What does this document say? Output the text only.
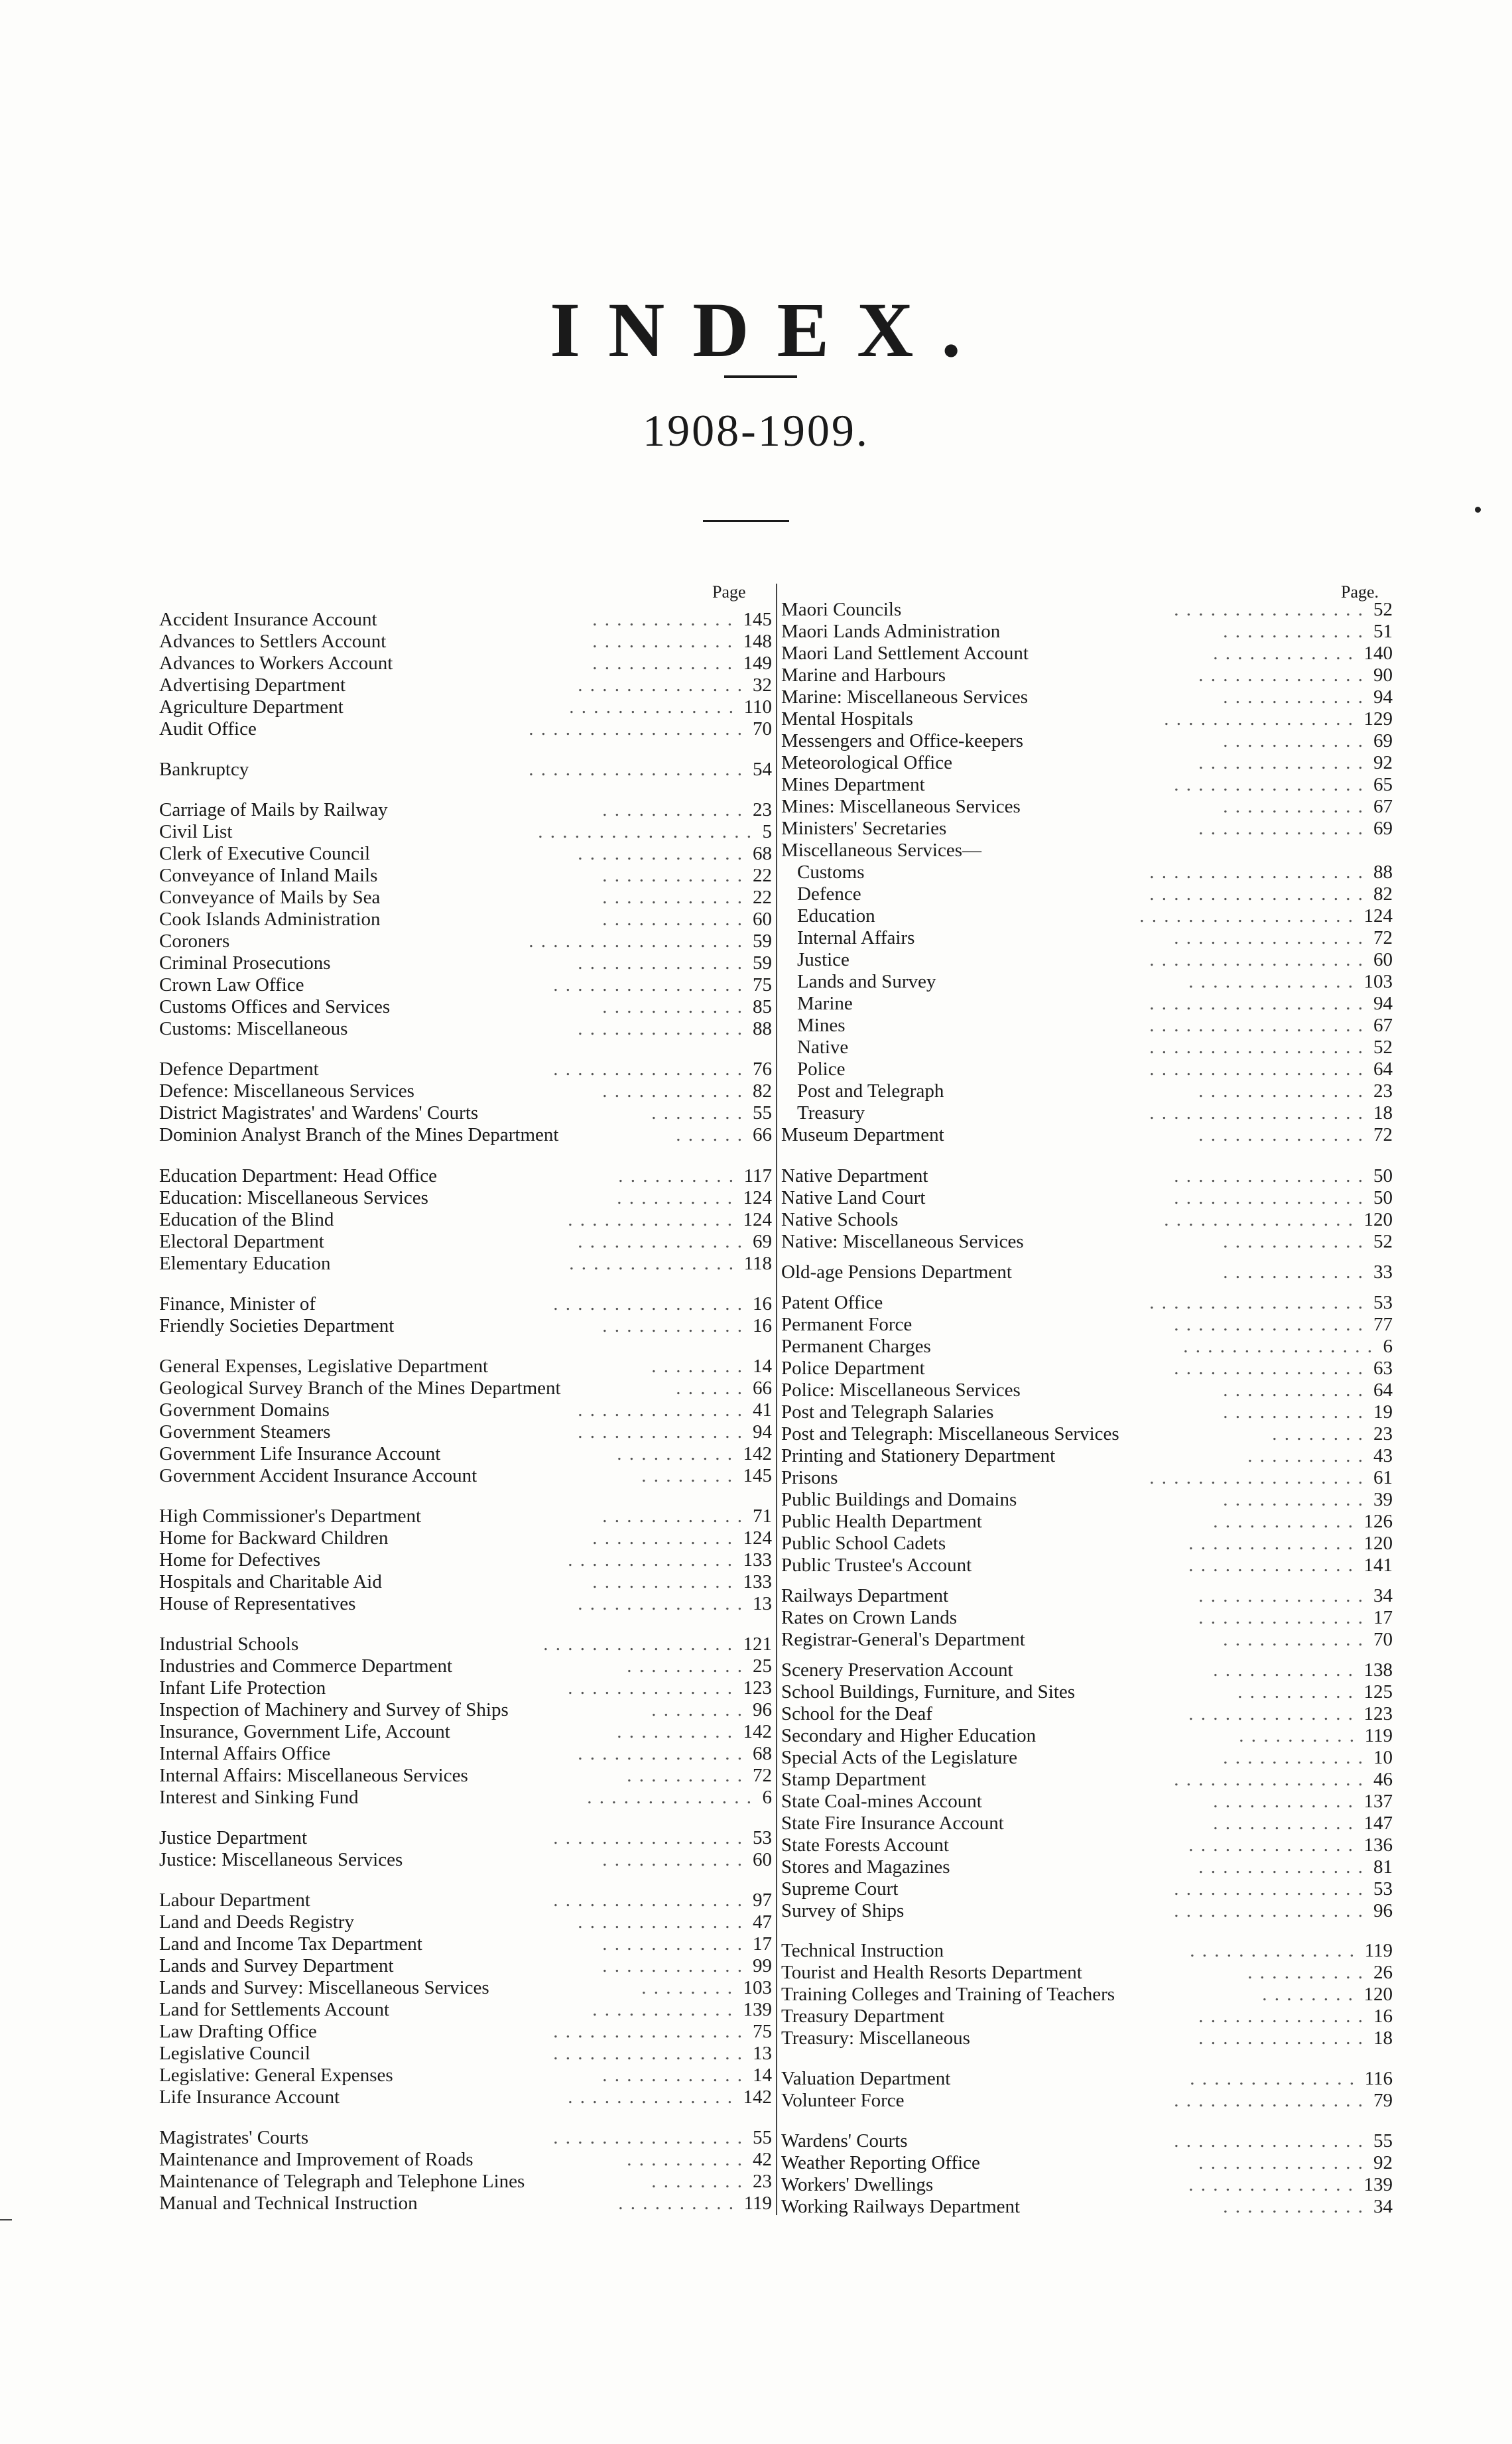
INDEX.
1908-1909.
Page	Page.
Accident Insurance Account	145
. . . . . . . . . . . .
Advances to Settlers Account	148
. . . . . . . . . . . .
Advances to Workers Account	149
. . . . . . . . . . . .
Advertising Department	32
. . . . . . . . . . . . . .
Agriculture Department	110
. . . . . . . . . . . . . .
Audit Office	70
. . . . . . . . . . . . . . . . . .
Bankruptcy	54
. . . . . . . . . . . . . . . . . .
Carriage of Mails by Railway	23
. . . . . . . . . . . .
Civil List	5
. . . . . . . . . . . . . . . . . .
Clerk of Executive Council	68
. . . . . . . . . . . . . .
Conveyance of Inland Mails	22
. . . . . . . . . . . .
Conveyance of Mails by Sea	22
. . . . . . . . . . . .
Cook Islands Administration	60
. . . . . . . . . . . .
Coroners	59
. . . . . . . . . . . . . . . . . .
Criminal Prosecutions	59
. . . . . . . . . . . . . .
Crown Law Office	75
. . . . . . . . . . . . . . . .
Customs Offices and Services	85
. . . . . . . . . . . .
Customs: Miscellaneous	88
. . . . . . . . . . . . . .
Defence Department	76
. . . . . . . . . . . . . . . .
Defence: Miscellaneous Services	82
. . . . . . . . . . . .
District Magistrates' and Wardens' Courts	55
. . . . . . . .
Dominion Analyst Branch of the Mines Department	66
. . . . . .
Education Department: Head Office	117
. . . . . . . . . .
Education: Miscellaneous Services	124
. . . . . . . . . .
Education of the Blind	124
. . . . . . . . . . . . . .
Electoral Department	69
. . . . . . . . . . . . . .
Elementary Education	118
. . . . . . . . . . . . . .
Finance, Minister of	16
. . . . . . . . . . . . . . . .
Friendly Societies Department	16
. . . . . . . . . . . .
General Expenses, Legislative Department	14
. . . . . . . .
Geological Survey Branch of the Mines Department	66
. . . . . .
Government Domains	41
. . . . . . . . . . . . . .
Government Steamers	94
. . . . . . . . . . . . . .
Government Life Insurance Account	142
. . . . . . . . . .
Government Accident Insurance Account	145
. . . . . . . .
High Commissioner's Department	71
. . . . . . . . . . . .
Home for Backward Children	124
. . . . . . . . . . . .
Home for Defectives	133
. . . . . . . . . . . . . .
Hospitals and Charitable Aid	133
. . . . . . . . . . . .
House of Representatives	13
. . . . . . . . . . . . . .
Industrial Schools	121
. . . . . . . . . . . . . . . .
Industries and Commerce Department	25
. . . . . . . . . .
Infant Life Protection	123
. . . . . . . . . . . . . .
Inspection of Machinery and Survey of Ships	96
. . . . . . . .
Insurance, Government Life, Account	142
. . . . . . . . . .
Internal Affairs Office	68
. . . . . . . . . . . . . .
Internal Affairs: Miscellaneous Services	72
. . . . . . . . . .
Interest and Sinking Fund	6
. . . . . . . . . . . . . .
Justice Department	53
. . . . . . . . . . . . . . . .
Justice: Miscellaneous Services	60
. . . . . . . . . . . .
Labour Department	97
. . . . . . . . . . . . . . . .
Land and Deeds Registry	47
. . . . . . . . . . . . . .
Land and Income Tax Department	17
. . . . . . . . . . . .
Lands and Survey Department	99
. . . . . . . . . . . .
Lands and Survey: Miscellaneous Services	103
. . . . . . . .
Land for Settlements Account	139
. . . . . . . . . . . .
Law Drafting Office	75
. . . . . . . . . . . . . . . .
Legislative Council	13
. . . . . . . . . . . . . . . .
Legislative: General Expenses	14
. . . . . . . . . . . .
Life Insurance Account	142
. . . . . . . . . . . . . .
Magistrates' Courts	55
. . . . . . . . . . . . . . . .
Maintenance and Improvement of Roads	42
. . . . . . . . . .
Maintenance of Telegraph and Telephone Lines	23
. . . . . . . .
Manual and Technical Instruction	119
. . . . . . . . . .
Maori Councils	52
. . . . . . . . . . . . . . . .
Maori Lands Administration	51
. . . . . . . . . . . .
Maori Land Settlement Account	140
. . . . . . . . . . . .
Marine and Harbours	90
. . . . . . . . . . . . . .
Marine: Miscellaneous Services	94
. . . . . . . . . . . .
Mental Hospitals	129
. . . . . . . . . . . . . . . .
Messengers and Office-keepers	69
. . . . . . . . . . . .
Meteorological Office	92
. . . . . . . . . . . . . .
Mines Department	65
. . . . . . . . . . . . . . . .
Mines: Miscellaneous Services	67
. . . . . . . . . . . .
Ministers' Secretaries	69
. . . . . . . . . . . . . .
Miscellaneous Services—
Customs	88
. . . . . . . . . . . . . . . . . .
Defence	82
. . . . . . . . . . . . . . . . . .
Education	124
. . . . . . . . . . . . . . . . . .
Internal Affairs	72
. . . . . . . . . . . . . . . .
Justice	60
. . . . . . . . . . . . . . . . . .
Lands and Survey	103
. . . . . . . . . . . . . .
Marine	94
. . . . . . . . . . . . . . . . . .
Mines	67
. . . . . . . . . . . . . . . . . .
Native	52
. . . . . . . . . . . . . . . . . .
Police	64
. . . . . . . . . . . . . . . . . .
Post and Telegraph	23
. . . . . . . . . . . . . .
Treasury	18
. . . . . . . . . . . . . . . . . .
Museum Department	72
. . . . . . . . . . . . . .
Native Department	50
. . . . . . . . . . . . . . . .
Native Land Court	50
. . . . . . . . . . . . . . . .
Native Schools	120
. . . . . . . . . . . . . . . .
Native: Miscellaneous Services	52
. . . . . . . . . . . .
Old-age Pensions Department	33
. . . . . . . . . . . .
Patent Office	53
. . . . . . . . . . . . . . . . . .
Permanent Force	77
. . . . . . . . . . . . . . . .
Permanent Charges	6
. . . . . . . . . . . . . . . .
Police Department	63
. . . . . . . . . . . . . . . .
Police: Miscellaneous Services	64
. . . . . . . . . . . .
Post and Telegraph Salaries	19
. . . . . . . . . . . .
Post and Telegraph: Miscellaneous Services	23
. . . . . . . .
Printing and Stationery Department	43
. . . . . . . . . .
Prisons	61
. . . . . . . . . . . . . . . . . .
Public Buildings and Domains	39
. . . . . . . . . . . .
Public Health Department	126
. . . . . . . . . . . .
Public School Cadets	120
. . . . . . . . . . . . . .
Public Trustee's Account	141
. . . . . . . . . . . . . .
Railways Department	34
. . . . . . . . . . . . . .
Rates on Crown Lands	17
. . . . . . . . . . . . . .
Registrar-General's Department	70
. . . . . . . . . . . .
Scenery Preservation Account	138
. . . . . . . . . . . .
School Buildings, Furniture, and Sites	125
. . . . . . . . . .
School for the Deaf	123
. . . . . . . . . . . . . .
Secondary and Higher Education	119
. . . . . . . . . .
Special Acts of the Legislature	10
. . . . . . . . . . . .
Stamp Department	46
. . . . . . . . . . . . . . . .
State Coal-mines Account	137
. . . . . . . . . . . .
State Fire Insurance Account	147
. . . . . . . . . . . .
State Forests Account	136
. . . . . . . . . . . . . .
Stores and Magazines	81
. . . . . . . . . . . . . .
Supreme Court	53
. . . . . . . . . . . . . . . .
Survey of Ships	96
. . . . . . . . . . . . . . . .
Technical Instruction	119
. . . . . . . . . . . . . .
Tourist and Health Resorts Department	26
. . . . . . . . . .
Training Colleges and Training of Teachers	120
. . . . . . . .
Treasury Department	16
. . . . . . . . . . . . . .
Treasury: Miscellaneous	18
. . . . . . . . . . . . . .
Valuation Department	116
. . . . . . . . . . . . . .
Volunteer Force	79
. . . . . . . . . . . . . . . .
Wardens' Courts	55
. . . . . . . . . . . . . . . .
Weather Reporting Office	92
. . . . . . . . . . . . . .
Workers' Dwellings	139
. . . . . . . . . . . . . .
Working Railways Department	34
. . . . . . . . . . . .
